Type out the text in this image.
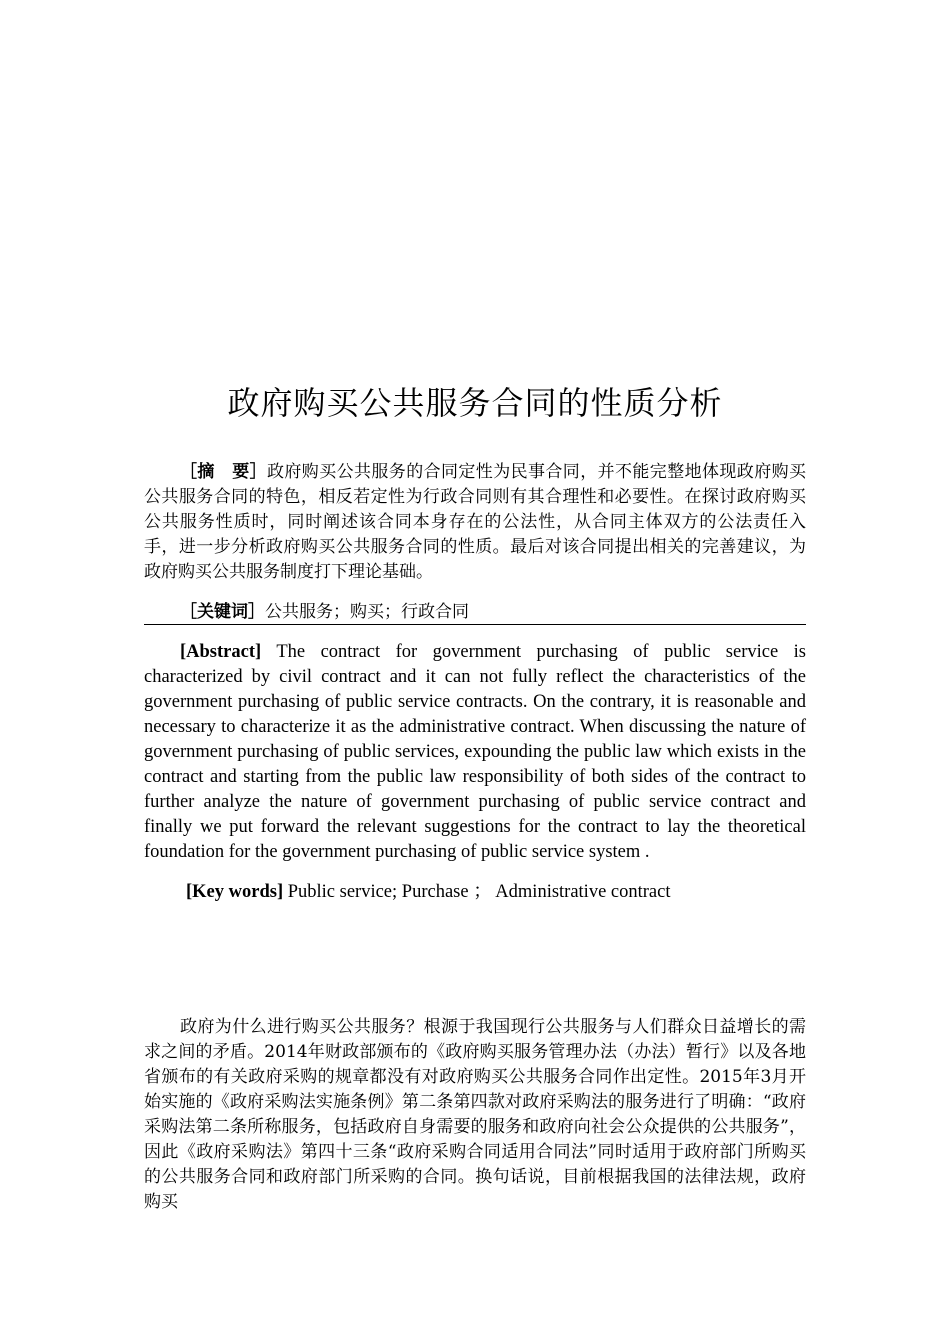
政府购买公共服务合同的性质分析
［摘　要］政府购买公共服务的合同定性为民事合同，并不能完整地体现政府购买公共服务合同的特色，相反若定性为行政合同则有其合理性和必要性。在探讨政府购买公共服务性质时，同时阐述该合同本身存在的公法性，从合同主体双方的公法责任入手，进一步分析政府购买公共服务合同的性质。最后对该合同提出相关的完善建议，为政府购买公共服务制度打下理论基础。
［关键词］公共服务；购买；行政合同
[Abstract] The contract for government purchasing of public service is characterized by civil contract and it can not fully reflect the characteristics of the government purchasing of public service contracts. On the contrary, it is reasonable and necessary to characterize it as the administrative contract. When discussing the nature of government purchasing of public services, expounding the public law which exists in the contract and starting from the public law responsibility of both sides of the contract to further analyze the nature of government purchasing of public service contract and finally we put forward the relevant suggestions for the contract to lay the theoretical foundation for the government purchasing of public service system .
[Key words] Public service; Purchase ； Administrative contract
政府为什么进行购买公共服务？根源于我国现行公共服务与人们群众日益增长的需求之间的矛盾。2014年财政部颁布的《政府购买服务管理办法（办法）暂行》以及各地省颁布的有关政府采购的规章都没有对政府购买公共服务合同作出定性。2015年3月开始实施的《政府采购法实施条例》第二条第四款对政府采购法的服务进行了明确：“政府采购法第二条所称服务，包括政府自身需要的服务和政府向社会公众提供的公共服务”，因此《政府采购法》第四十三条“政府采购合同适用合同法”同时适用于政府部门所购买的公共服务合同和政府部门所采购的合同。换句话说，目前根据我国的法律法规，政府购买
